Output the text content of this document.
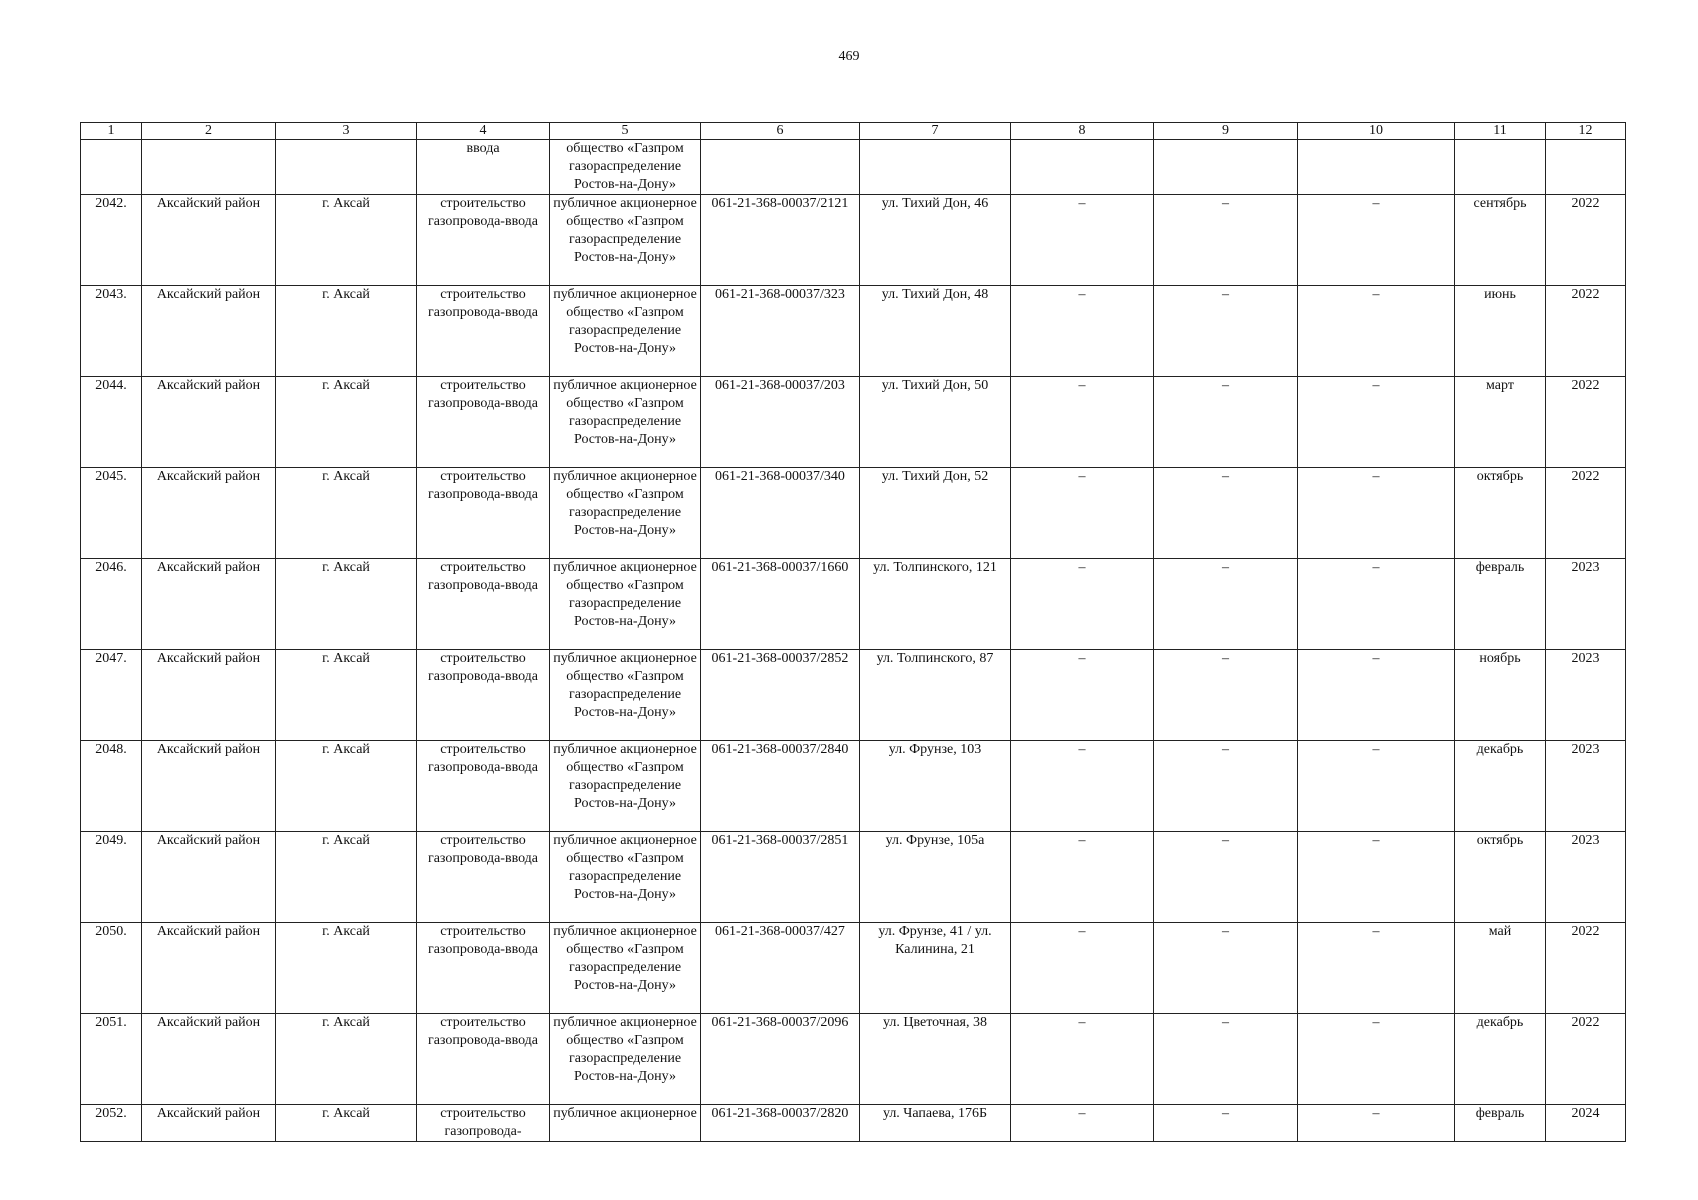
469
1	2	3	4	5	6	7	8	9	10	11	12
			ввода	общество «Газпром газораспределение Ростов-на-Дону»							
2042.	Аксайский район	г. Аксай	строительство газопровода-ввода	публичное акционерное общество «Газпром газораспределение Ростов-на-Дону»	061-21-368-00037/2121	ул. Тихий Дон, 46	–	–	–	сентябрь	2022
2043.	Аксайский район	г. Аксай	строительство газопровода-ввода	публичное акционерное общество «Газпром газораспределение Ростов-на-Дону»	061-21-368-00037/323	ул. Тихий Дон, 48	–	–	–	июнь	2022
2044.	Аксайский район	г. Аксай	строительство газопровода-ввода	публичное акционерное общество «Газпром газораспределение Ростов-на-Дону»	061-21-368-00037/203	ул. Тихий Дон, 50	–	–	–	март	2022
2045.	Аксайский район	г. Аксай	строительство газопровода-ввода	публичное акционерное общество «Газпром газораспределение Ростов-на-Дону»	061-21-368-00037/340	ул. Тихий Дон, 52	–	–	–	октябрь	2022
2046.	Аксайский район	г. Аксай	строительство газопровода-ввода	публичное акционерное общество «Газпром газораспределение Ростов-на-Дону»	061-21-368-00037/1660	ул. Толпинского, 121	–	–	–	февраль	2023
2047.	Аксайский район	г. Аксай	строительство газопровода-ввода	публичное акционерное общество «Газпром газораспределение Ростов-на-Дону»	061-21-368-00037/2852	ул. Толпинского, 87	–	–	–	ноябрь	2023
2048.	Аксайский район	г. Аксай	строительство газопровода-ввода	публичное акционерное общество «Газпром газораспределение Ростов-на-Дону»	061-21-368-00037/2840	ул. Фрунзе, 103	–	–	–	декабрь	2023
2049.	Аксайский район	г. Аксай	строительство газопровода-ввода	публичное акционерное общество «Газпром газораспределение Ростов-на-Дону»	061-21-368-00037/2851	ул. Фрунзе, 105а	–	–	–	октябрь	2023
2050.	Аксайский район	г. Аксай	строительство газопровода-ввода	публичное акционерное общество «Газпром газораспределение Ростов-на-Дону»	061-21-368-00037/427	ул. Фрунзе, 41 / ул. Калинина, 21	–	–	–	май	2022
2051.	Аксайский район	г. Аксай	строительство газопровода-ввода	публичное акционерное общество «Газпром газораспределение Ростов-на-Дону»	061-21-368-00037/2096	ул. Цветочная, 38	–	–	–	декабрь	2022
2052.	Аксайский район	г. Аксай	строительство газопровода-	публичное акционерное	061-21-368-00037/2820	ул. Чапаева, 176Б	–	–	–	февраль	2024
